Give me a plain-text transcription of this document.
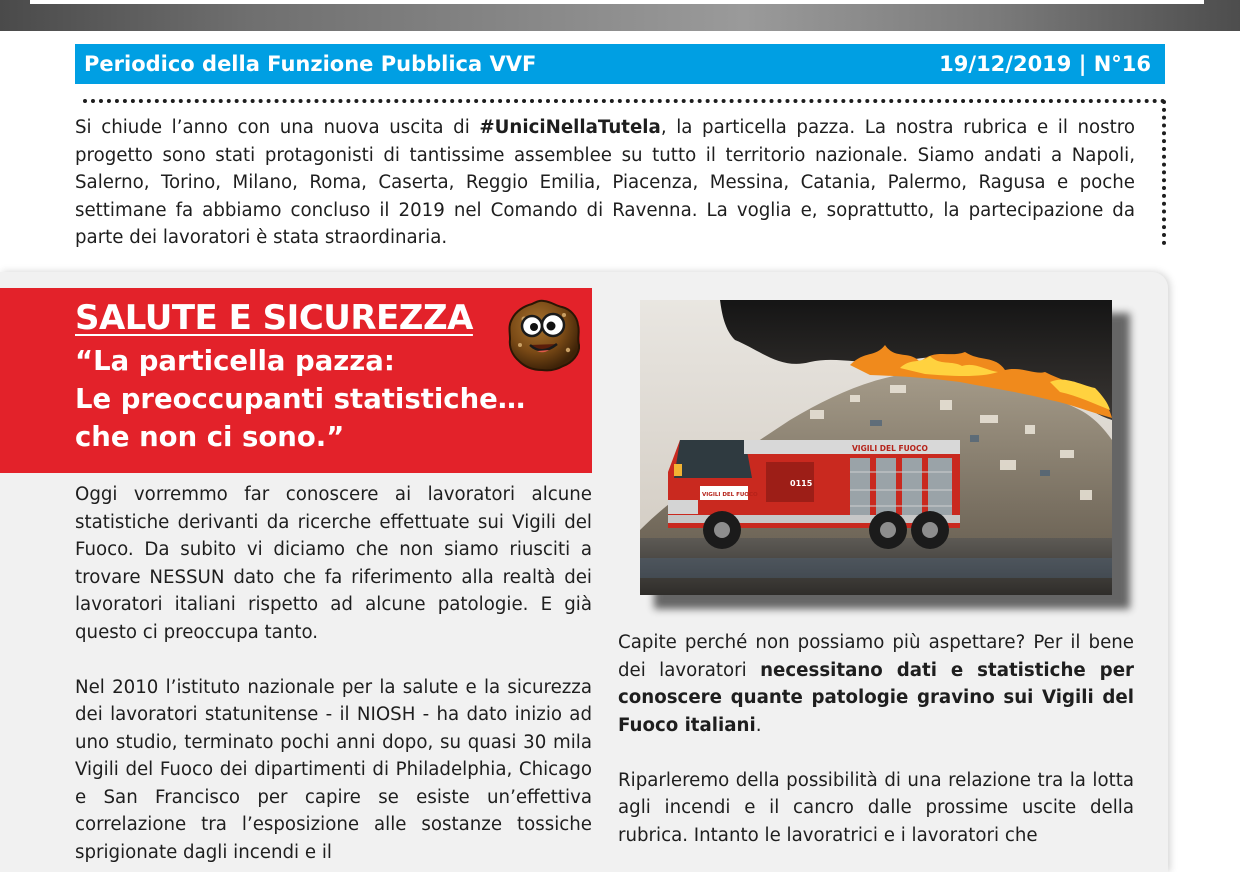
Periodico della Funzione Pubblica VVF	19/12/2019 | N°16

Si chiude l’anno con una nuova uscita di #UniciNellaTutela, la particella pazza. La nostra rubrica e il nostro progetto sono stati protagonisti di tantissime assemblee su tutto il territorio nazionale. Siamo andati a Napoli, Salerno, Torino, Milano, Roma, Caserta, Reggio Emilia, Piacenza, Messina, Catania, Palermo, Ragusa e poche settimane fa abbiamo concluso il 2019 nel Comando di Ravenna. La voglia e, soprattutto, la partecipazione da parte dei lavoratori è stata straordinaria.

SALUTE E SICUREZZA

“La particella pazza:
Le preoccupanti statistiche…
che non ci sono.”

Oggi vorremmo far conoscere ai lavoratori alcune statistiche derivanti da ricerche effettuate sui Vigili del Fuoco. Da subito vi diciamo che non siamo riusciti a trovare NESSUN dato che fa riferimento alla realtà dei lavoratori italiani rispetto ad alcune patologie. E già questo ci preoccupa tanto.

Nel 2010 l’istituto nazionale per la salute e la sicurezza dei lavoratori statunitense - il NIOSH - ha dato inizio ad uno studio, terminato pochi anni dopo, su quasi 30 mila Vigili del Fuoco dei dipartimenti di Philadelphia, Chicago e San Francisco per capire se esiste un’effettiva correlazione tra l’esposizione alle sostanze tossiche sprigionate dagli incendi e il

VIGILI DEL FUOCO
VIGILI DEL FUOCO
0115

Capite perché non possiamo più aspettare? Per il bene dei lavoratori necessitano dati e statistiche per conoscere quante patologie gravino sui Vigili del Fuoco italiani.

Riparleremo della possibilità di una relazione tra la lotta agli incendi e il cancro dalle prossime uscite della rubrica. Intanto le lavoratrici e i lavoratori che
